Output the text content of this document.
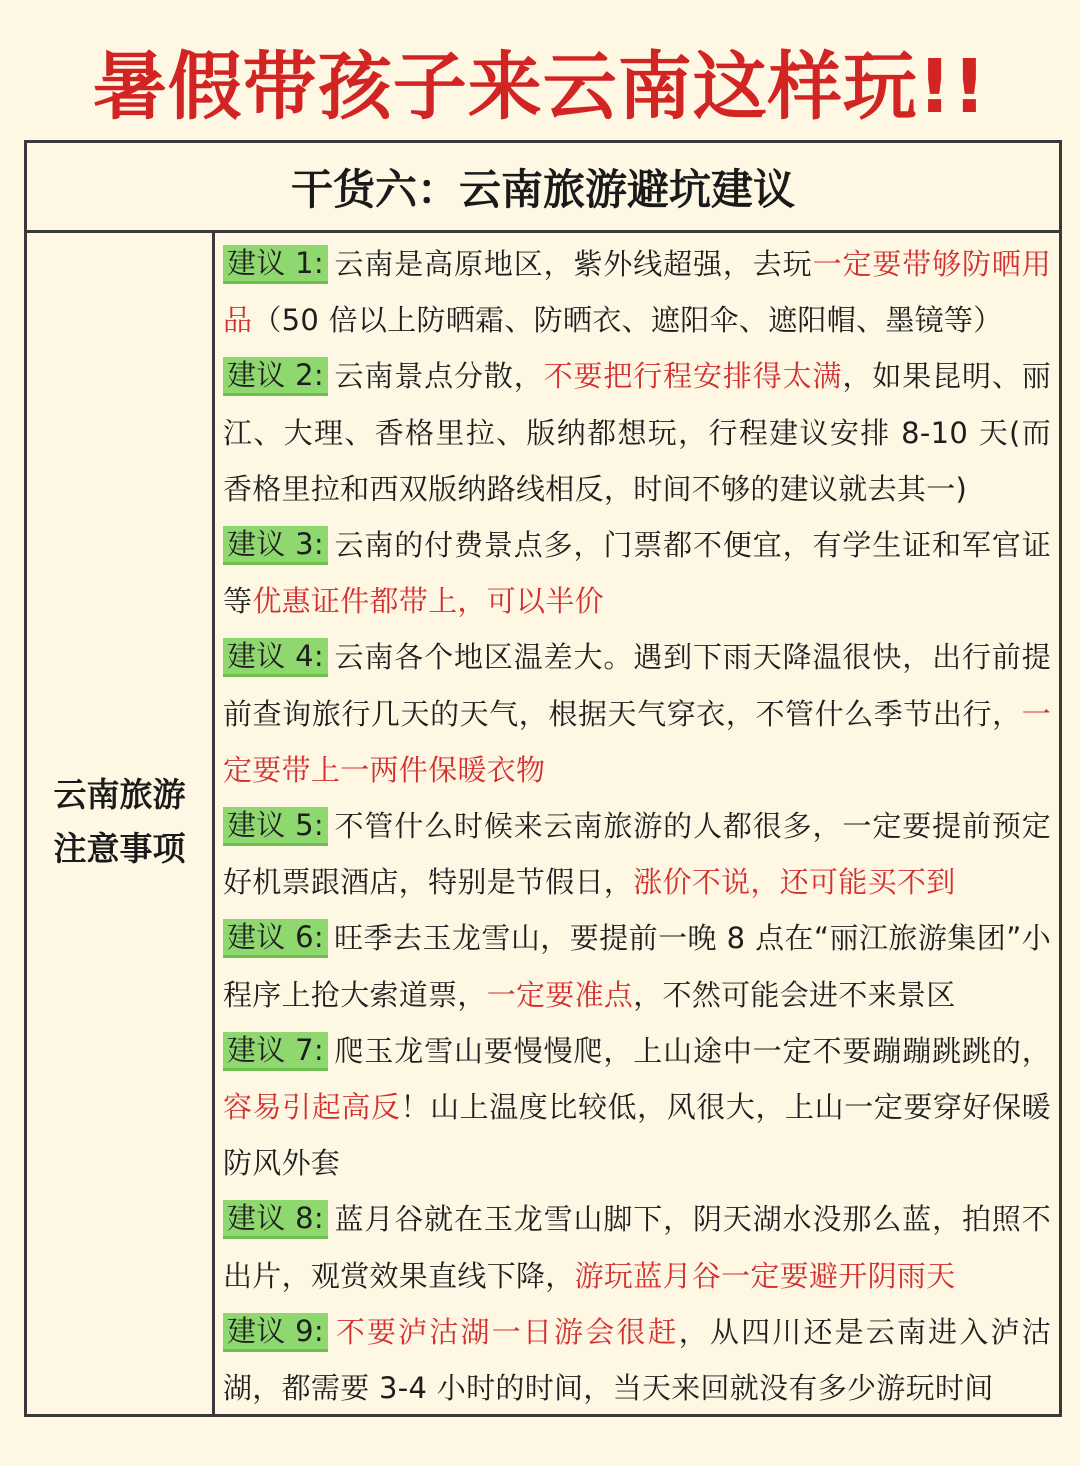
暑假带孩子来云南这样玩!!
干货六：云南旅游避坑建议
云南旅游
注意事项
建议 1: 云南是高原地区，紫外线超强，去玩一定要带够防晒用品（50 倍以上防晒霜、防晒衣、遮阳伞、遮阳帽、墨镜等）
建议 2: 云南景点分散，不要把行程安排得太满，如果昆明、丽江、大理、香格里拉、版纳都想玩，行程建议安排 8-10 天(而香格里拉和西双版纳路线相反，时间不够的建议就去其一)
建议 3: 云南的付费景点多，门票都不便宜，有学生证和军官证等优惠证件都带上，可以半价
建议 4: 云南各个地区温差大。遇到下雨天降温很快，出行前提前查询旅行几天的天气，根据天气穿衣，不管什么季节出行，一定要带上一两件保暖衣物
建议 5: 不管什么时候来云南旅游的人都很多，一定要提前预定好机票跟酒店，特别是节假日，涨价不说，还可能买不到
建议 6: 旺季去玉龙雪山，要提前一晚 8 点在“丽江旅游集团”小程序上抢大索道票，一定要准点，不然可能会进不来景区
建议 7: 爬玉龙雪山要慢慢爬，上山途中一定不要蹦蹦跳跳的，容易引起高反！山上温度比较低，风很大，上山一定要穿好保暖防风外套
建议 8: 蓝月谷就在玉龙雪山脚下，阴天湖水没那么蓝，拍照不出片，观赏效果直线下降，游玩蓝月谷一定要避开阴雨天
建议 9: 不要泸沽湖一日游会很赶，从四川还是云南进入泸沽湖，都需要 3-4 小时的时间，当天来回就没有多少游玩时间
